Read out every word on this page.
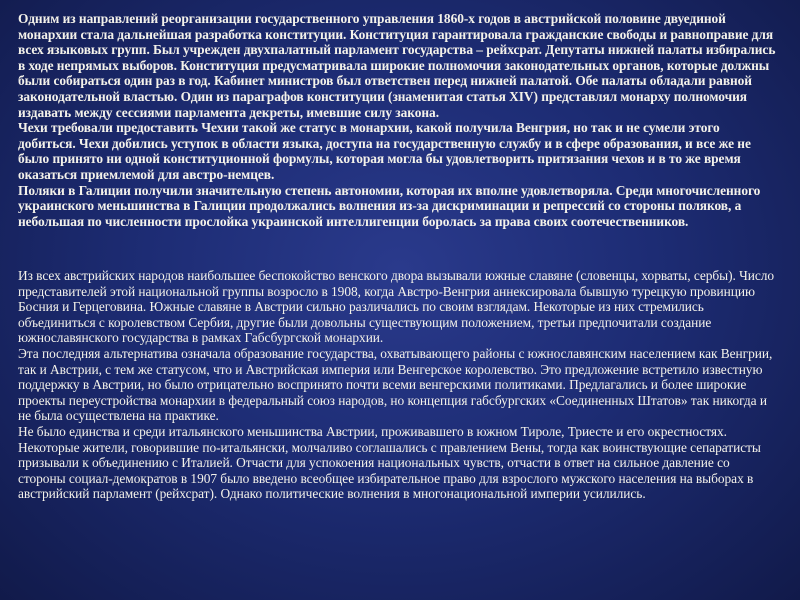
Одним из направлений реорганизации государственного управления 1860-х годов в австрийской половине двуединой монархии стала дальнейшая разработка конституции. Конституция гарантировала гражданские свободы и равноправие для всех языковых групп. Был учрежден двухпалатный парламент государства – рейхсрат. Депутаты нижней палаты избирались в ходе непрямых выборов. Конституция предусматривала широкие полномочия законодательных органов, которые должны были собираться один раз в год. Кабинет министров был ответствен перед нижней палатой. Обе палаты обладали равной законодательной властью. Один из параграфов конституции (знаменитая статья XIV) представлял монарху полномочия издавать между сессиями парламента декреты, имевшие силу закона.

Чехи требовали предоставить Чехии такой же статус в монархии, какой получила Венгрия, но так и не сумели этого добиться. Чехи добились уступок в области языка, доступа на государственную службу и в сфере образования, и все же не было принято ни одной конституционной формулы, которая могла бы удовлетворить притязания чехов и в то же время оказаться приемлемой для австро-немцев.

Поляки в Галиции получили значительную степень автономии, которая их вполне удовлетворяла. Среди многочисленного украинского меньшинства в Галиции продолжались волнения из-за дискриминации и репрессий со стороны поляков, а небольшая по численности прослойка украинской интеллигенции боролась за права своих соотечественников.

Из всех австрийских народов наибольшее беспокойство венского двора вызывали южные славяне (словенцы, хорваты, сербы). Число представителей этой национальной группы возросло в 1908, когда Австро-Венгрия аннексировала бывшую турецкую провинцию Босния и Герцеговина. Южные славяне в Австрии сильно различались по своим взглядам. Некоторые из них стремились объединиться с королевством Сербия, другие были довольны существующим положением, третьи предпочитали создание южнославянского государства в рамках Габсбургской монархии.

Эта последняя альтернатива означала образование государства, охватывающего районы с южнославянским населением как Венгрии, так и Австрии, с тем же статусом, что и Австрийская империя или Венгерское королевство. Это предложение встретило известную поддержку в Австрии, но было отрицательно воспринято почти всеми венгерскими политиками. Предлагались и более широкие проекты переустройства монархии в федеральный союз народов, но концепция габсбургских «Соединенных Штатов» так никогда и не была осуществлена на практике.

Не было единства и среди итальянского меньшинства Австрии, проживавшего в южном Тироле, Триесте и его окрестностях. Некоторые жители, говорившие по-итальянски, молчаливо соглашались с правлением Вены, тогда как воинствующие сепаратисты призывали к объединению с Италией. Отчасти для успокоения национальных чувств, отчасти в ответ на сильное давление со стороны социал-демократов в 1907 было введено всеобщее избирательное право для взрослого мужского населения на выборах в австрийский парламент (рейхсрат). Однако политические волнения в многонациональной империи усилились.
